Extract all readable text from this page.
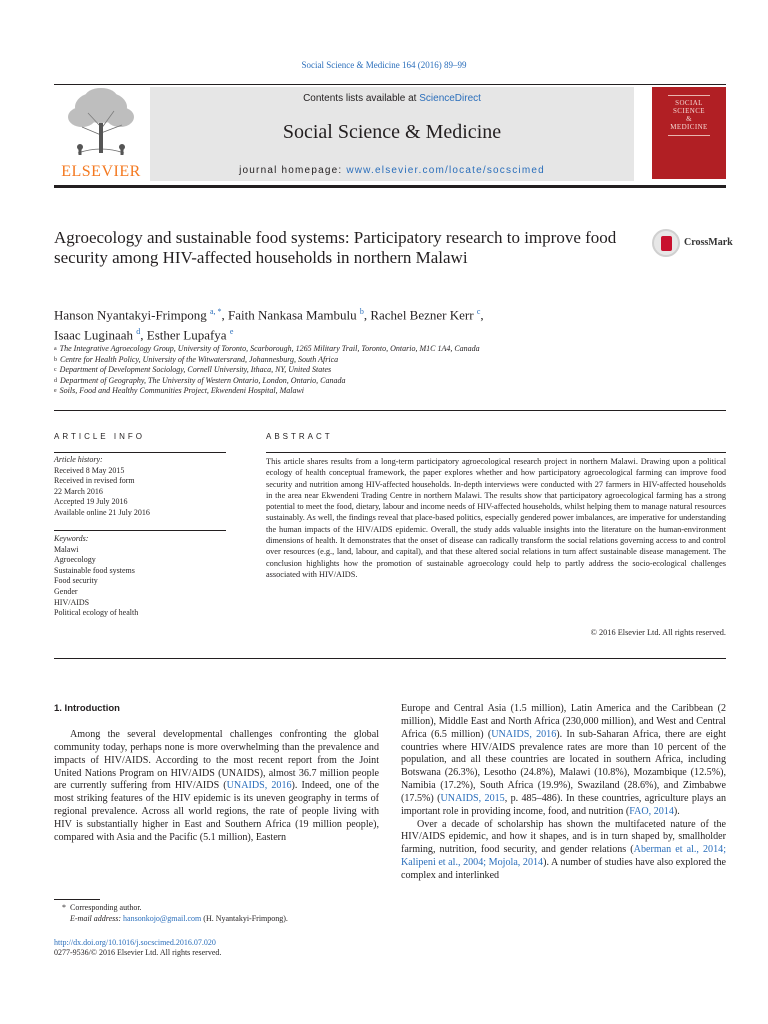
Social Science & Medicine 164 (2016) 89–99
ELSEVIER
Contents lists available at ScienceDirect
Social Science & Medicine
journal homepage: www.elsevier.com/locate/socscimed
SOCIAL
SCIENCE
&
MEDICINE
Agroecology and sustainable food systems: Participatory research to improve food security among HIV-affected households in northern Malawi
CrossMark
Hanson Nyantakyi-Frimpong $^{a, *}$, Faith Nankasa Mambulu $^b$, Rachel Bezner Kerr $^c$,
Isaac Luginaah $^d$, Esther Lupafya $^e$
$^a$ The Integrative Agroecology Group, University of Toronto, Scarborough, 1265 Military Trail, Toronto, Ontario, M1C 1A4, Canada
$^b$ Centre for Health Policy, University of the Witwatersrand, Johannesburg, South Africa
$^c$ Department of Development Sociology, Cornell University, Ithaca, NY, United States
$^d$ Department of Geography, The University of Western Ontario, London, Ontario, Canada
$^e$ Soils, Food and Healthy Communities Project, Ekwendeni Hospital, Malawi
ARTICLE INFO	ABSTRACT
Article history:
Received 8 May 2015
Received in revised form
22 March 2016
Accepted 19 July 2016
Available online 21 July 2016
Keywords:
Malawi
Agroecology
Sustainable food systems
Food security
Gender
HIV/AIDS
Political ecology of health
This article shares results from a long-term participatory agroecological research project in northern Malawi. Drawing upon a political ecology of health conceptual framework, the paper explores whether and how participatory agroecological farming can improve food security and nutrition among HIV-affected households. In-depth interviews were conducted with 27 farmers in HIV-affected households in the area near Ekwendeni Trading Centre in northern Malawi. The results show that participatory agroecological farming has a strong potential to meet the food, dietary, labour and income needs of HIV-affected households, whilst helping them to manage natural resources sustainably. As well, the findings reveal that place-based politics, especially gendered power imbalances, are imperative for understanding the human impacts of the HIV/AIDS epidemic. Overall, the study adds valuable insights into the literature on the human-environment dimensions of health. It demonstrates that the onset of disease can radically transform the social relations governing access to and control over resources (e.g., land, labour, and capital), and that these altered social relations in turn affect sustainable disease management. The conclusion highlights how the promotion of sustainable agroecology could help to partly address the socio-ecological challenges associated with HIV/AIDS.
© 2016 Elsevier Ltd. All rights reserved.
1. Introduction

Among the several developmental challenges confronting the global community today, perhaps none is more overwhelming than the prevalence and impacts of HIV/AIDS. According to the most recent report from the Joint United Nations Program on HIV/AIDS (UNAIDS), almost 36.7 million people are currently suffering from HIV/AIDS (UNAIDS, 2016). Indeed, one of the most striking features of the HIV epidemic is its uneven geography in terms of regional prevalence. Across all world regions, the rate of people living with HIV is substantially higher in East and Southern Africa (19 million people), compared with Asia and the Pacific (5.1 million), Eastern

Europe and Central Asia (1.5 million), Latin America and the Caribbean (2 million), Middle East and North Africa (230,000 million), and West and Central Africa (6.5 million) (UNAIDS, 2016). In sub-Saharan Africa, there are eight countries where HIV/AIDS prevalence rates are more than 10 percent of the population, and all these countries are located in southern Africa, including Botswana (26.3%), Lesotho (24.8%), Malawi (10.8%), Mozambique (12.5%), Namibia (17.2%), South Africa (19.9%), Swaziland (28.6%), and Zimbabwe (17.5%) (UNAIDS, 2015, p. 485–486). In these countries, agriculture plays an important role in providing income, food, and nutrition (FAO, 2014).

Over a decade of scholarship has shown the multifaceted nature of the HIV/AIDS epidemic, and how it shapes, and is in turn shaped by, smallholder farming, nutrition, food security, and gender relations (Aberman et al., 2014; Kalipeni et al., 2004; Mojola, 2014). A number of studies have also explored the complex and interlinked

* Corresponding author.
E-mail address: hansonkojo@gmail.com (H. Nyantakyi-Frimpong).
http://dx.doi.org/10.1016/j.socscimed.2016.07.020
0277-9536/© 2016 Elsevier Ltd. All rights reserved.
